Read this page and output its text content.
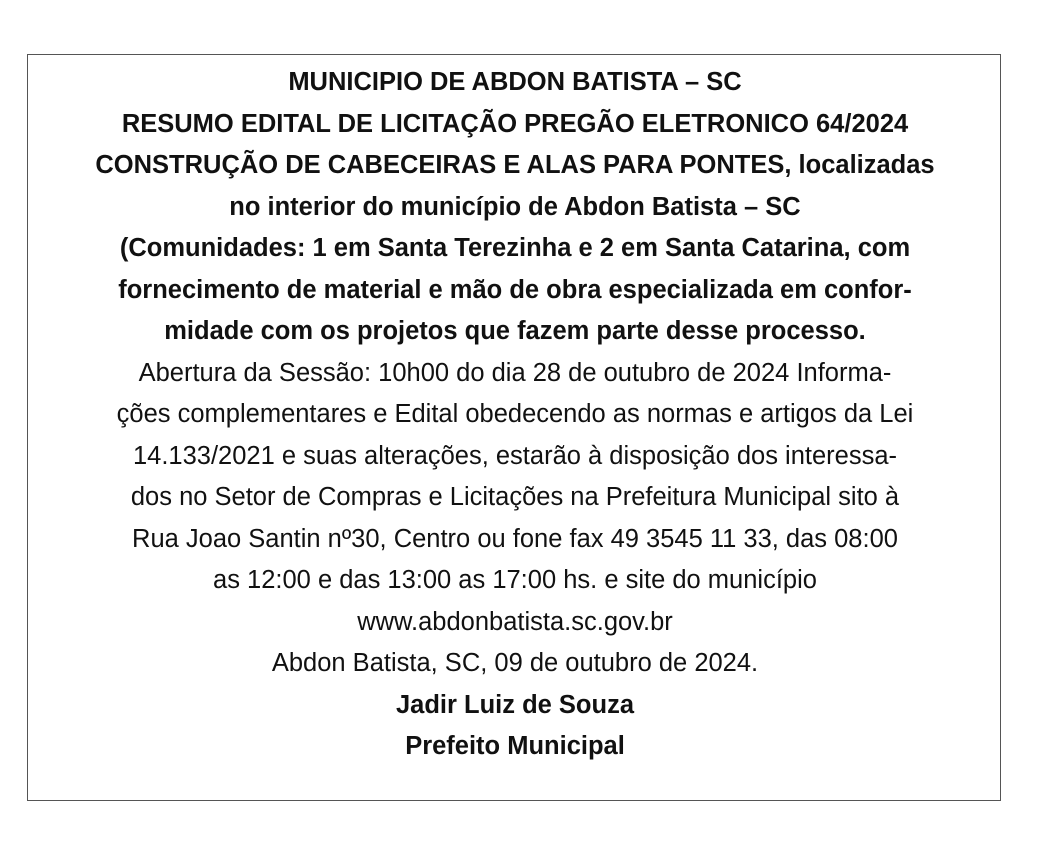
MUNICIPIO DE ABDON BATISTA – SC
RESUMO EDITAL DE LICITAÇÃO PREGÃO ELETRONICO 64/2024
CONSTRUÇÃO DE CABECEIRAS E ALAS PARA PONTES, localizadas
no interior do município de Abdon Batista – SC
(Comunidades: 1 em Santa Terezinha e 2 em Santa Catarina, com
fornecimento de material e mão de obra especializada em confor-
midade com os projetos que fazem parte desse processo.
Abertura da Sessão: 10h00 do dia 28 de outubro de 2024 Informa-
ções complementares e Edital obedecendo as normas e artigos da Lei
14.133/2021 e suas alterações, estarão à disposição dos interessa-
dos no Setor de Compras e Licitações na Prefeitura Municipal sito à
Rua Joao Santin nº30, Centro ou fone fax 49 3545 11 33, das 08:00
as 12:00 e das 13:00 as 17:00 hs. e site do município
www.abdonbatista.sc.gov.br
Abdon Batista, SC, 09 de outubro de 2024.
Jadir Luiz de Souza
Prefeito Municipal
